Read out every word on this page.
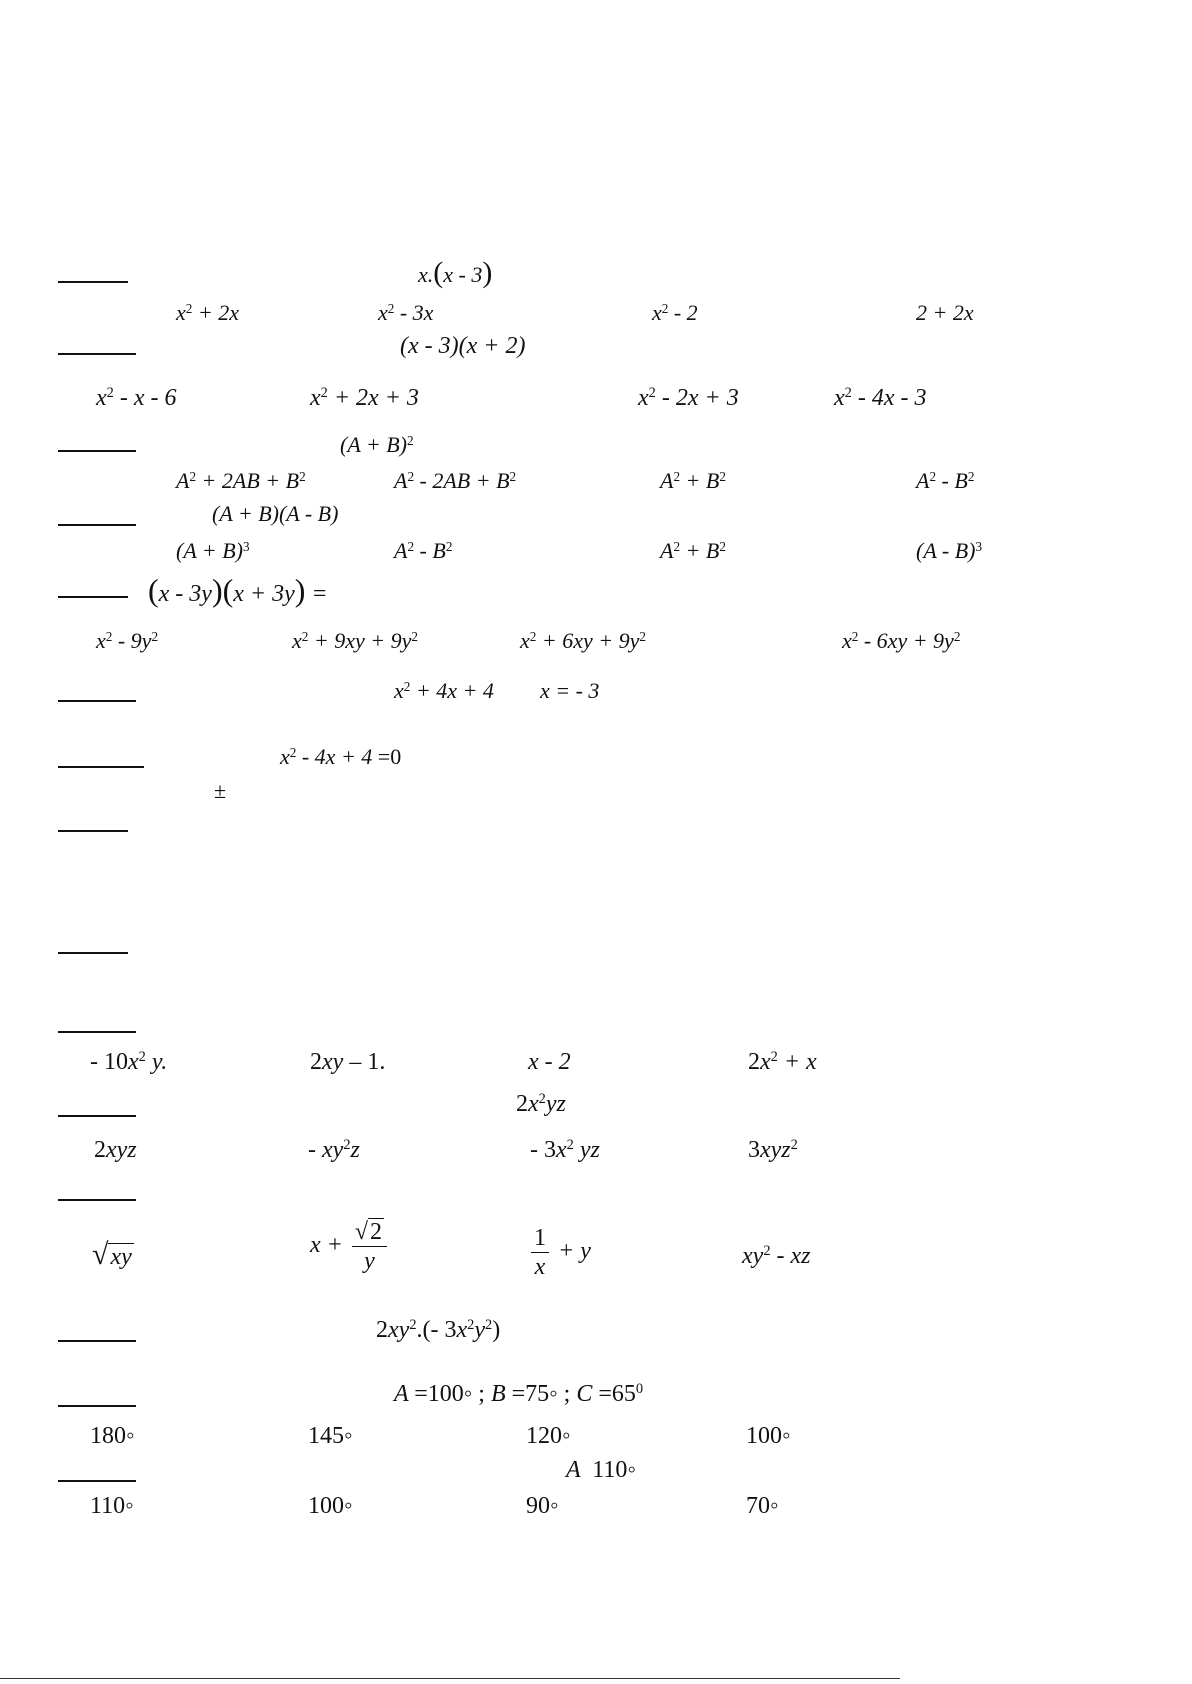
x.(x - 3)
$x^2 + 2x$	$x^2 - 3x$	$x^2 - 2$	2 + 2x
(x - 3)(x + 2)
$x^2$ - x - 6	$x^2 + 2x + 3$	$x^2 - 2x + 3$	$x^2 - 4x - 3$
$(A + B)^2$
$A^2 + 2AB + B^2$	$A^2 - 2AB + B^2$	$A^2 + B^2$	$A^2 - B^2$
(A + B)(A - B)
$(A + B)^3$	$A^2 - B^2$	$A^2 + B^2$	(A - B)$^3$
(x - 3y)(x + 3y) =
$x^2 - 9y^2$	$x^2 + 9xy + 9y^2$	$x^2 + 6xy + 9y^2$	$x^2 - 6xy + 9y^2$
$x^2 + 4x + 4$ x = - 3
$x^2 - 4x + 4 =0$
±
- $10x^2$ y.	2xy – 1.	x - 2	$2x^2 + x$
$2x^2yz$
2xyz	- $xy^2z$	- $3x^2$ yz	3xyz$^2$
√xy	$x + \frac{√2}{y}$	$\frac{1}{x} + y$	$xy^2$ - xz
$2xy^2.(-$ $3x^2y^2$)
A =100◦ ; B =75◦ ; $C =65^0$
180◦	145◦	120◦	100◦
A  110◦
110◦	100◦	90◦	70◦
